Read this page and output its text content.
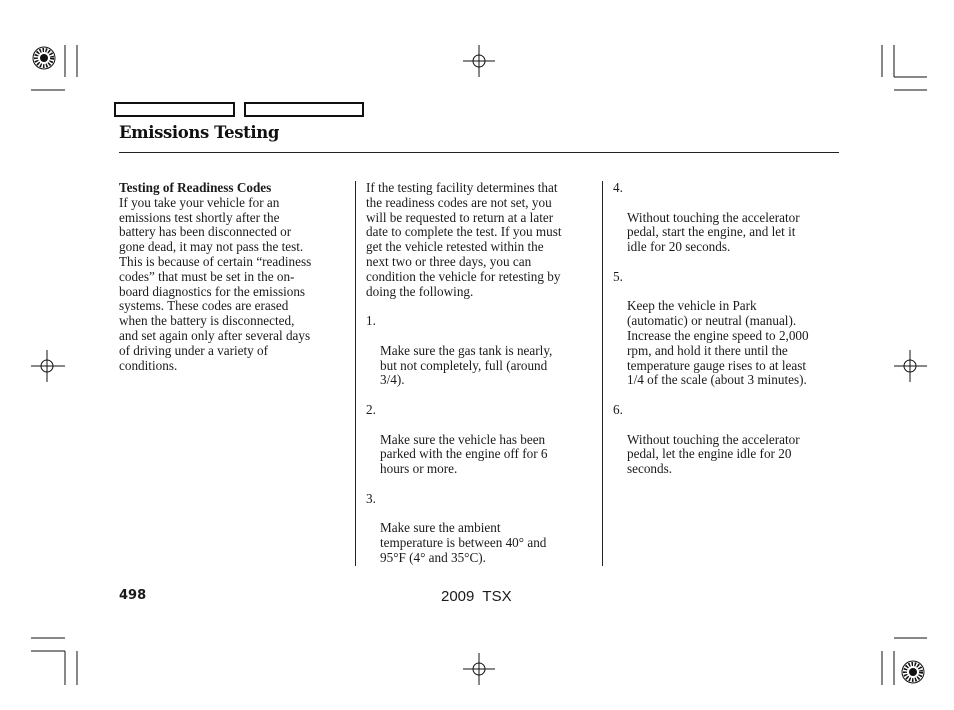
Emissions Testing

Testing of Readiness Codes

If you take your vehicle for an
emissions test shortly after the
battery has been disconnected or
gone dead, it may not pass the test.
This is because of certain “readiness
codes” that must be set in the on-
board diagnostics for the emissions
systems. These codes are erased
when the battery is disconnected,
and set again only after several days
of driving under a variety of
conditions.

If the testing facility determines that
the readiness codes are not set, you
will be requested to return at a later
date to complete the test. If you must
get the vehicle retested within the
next two or three days, you can
condition the vehicle for retesting by
doing the following.

1.

Make sure the gas tank is nearly,
but not completely, full (around
3/4).

2.

Make sure the vehicle has been
parked with the engine off for 6
hours or more.

3.

Make sure the ambient
temperature is between 40° and
95°F (4° and 35°C).

4.

Without touching the accelerator
pedal, start the engine, and let it
idle for 20 seconds.

5.

Keep the vehicle in Park
(automatic) or neutral (manual).
Increase the engine speed to 2,000
rpm, and hold it there until the
temperature gauge rises to at least
1/4 of the scale (about 3 minutes).

6.

Without touching the accelerator
pedal, let the engine idle for 20
seconds.

498	2009  TSX
